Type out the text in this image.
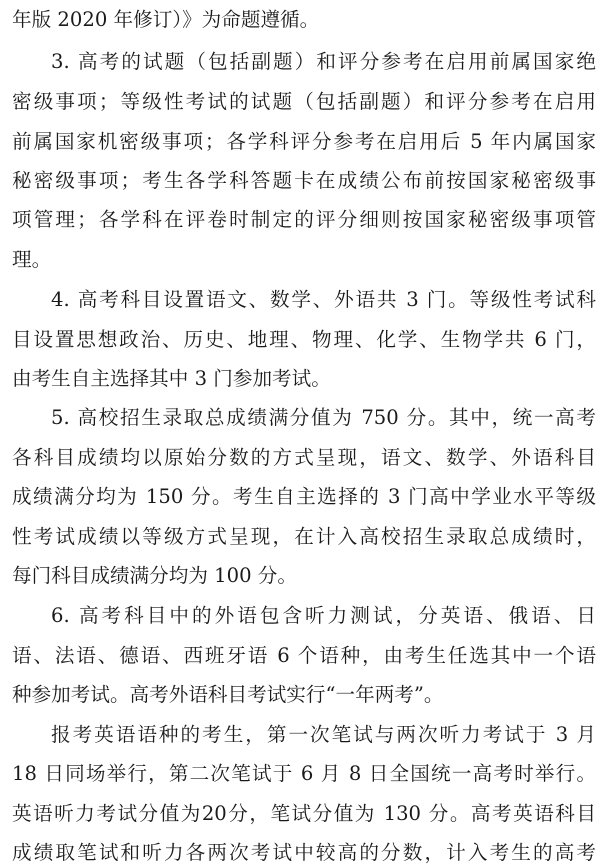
年版 2020 年修订）》为命题遵循。
3. 高考的试题（包括副题）和评分参考在启用前属国家绝
密级事项；等级性考试的试题（包括副题）和评分参考在启用
前属国家机密级事项；各学科评分参考在启用后 5 年内属国家
秘密级事项；考生各学科答题卡在成绩公布前按国家秘密级事
项管理；各学科在评卷时制定的评分细则按国家秘密级事项管
理。
4. 高考科目设置语文、数学、外语共 3 门。等级性考试科
目设置思想政治、历史、地理、物理、化学、生物学共 6 门，
由考生自主选择其中 3 门参加考试。
5. 高校招生录取总成绩满分值为 750 分。其中，统一高考
各科目成绩均以原始分数的方式呈现，语文、数学、外语科目
成绩满分均为 150 分。考生自主选择的 3 门高中学业水平等级
性考试成绩以等级方式呈现，在计入高校招生录取总成绩时，
每门科目成绩满分均为 100 分。
6. 高考科目中的外语包含听力测试，分英语、俄语、日
语、法语、德语、西班牙语 6 个语种，由考生任选其中一个语
种参加考试。高考外语科目考试实行“一年两考”。
报考英语语种的考生，第一次笔试与两次听力考试于 3 月
18 日同场举行，第二次笔试于 6 月 8 日全国统一高考时举行。
英语听力考试分值为20分，笔试分值为 130 分。高考英语科目
成绩取笔试和听力各两次考试中较高的分数，计入考生的高考
